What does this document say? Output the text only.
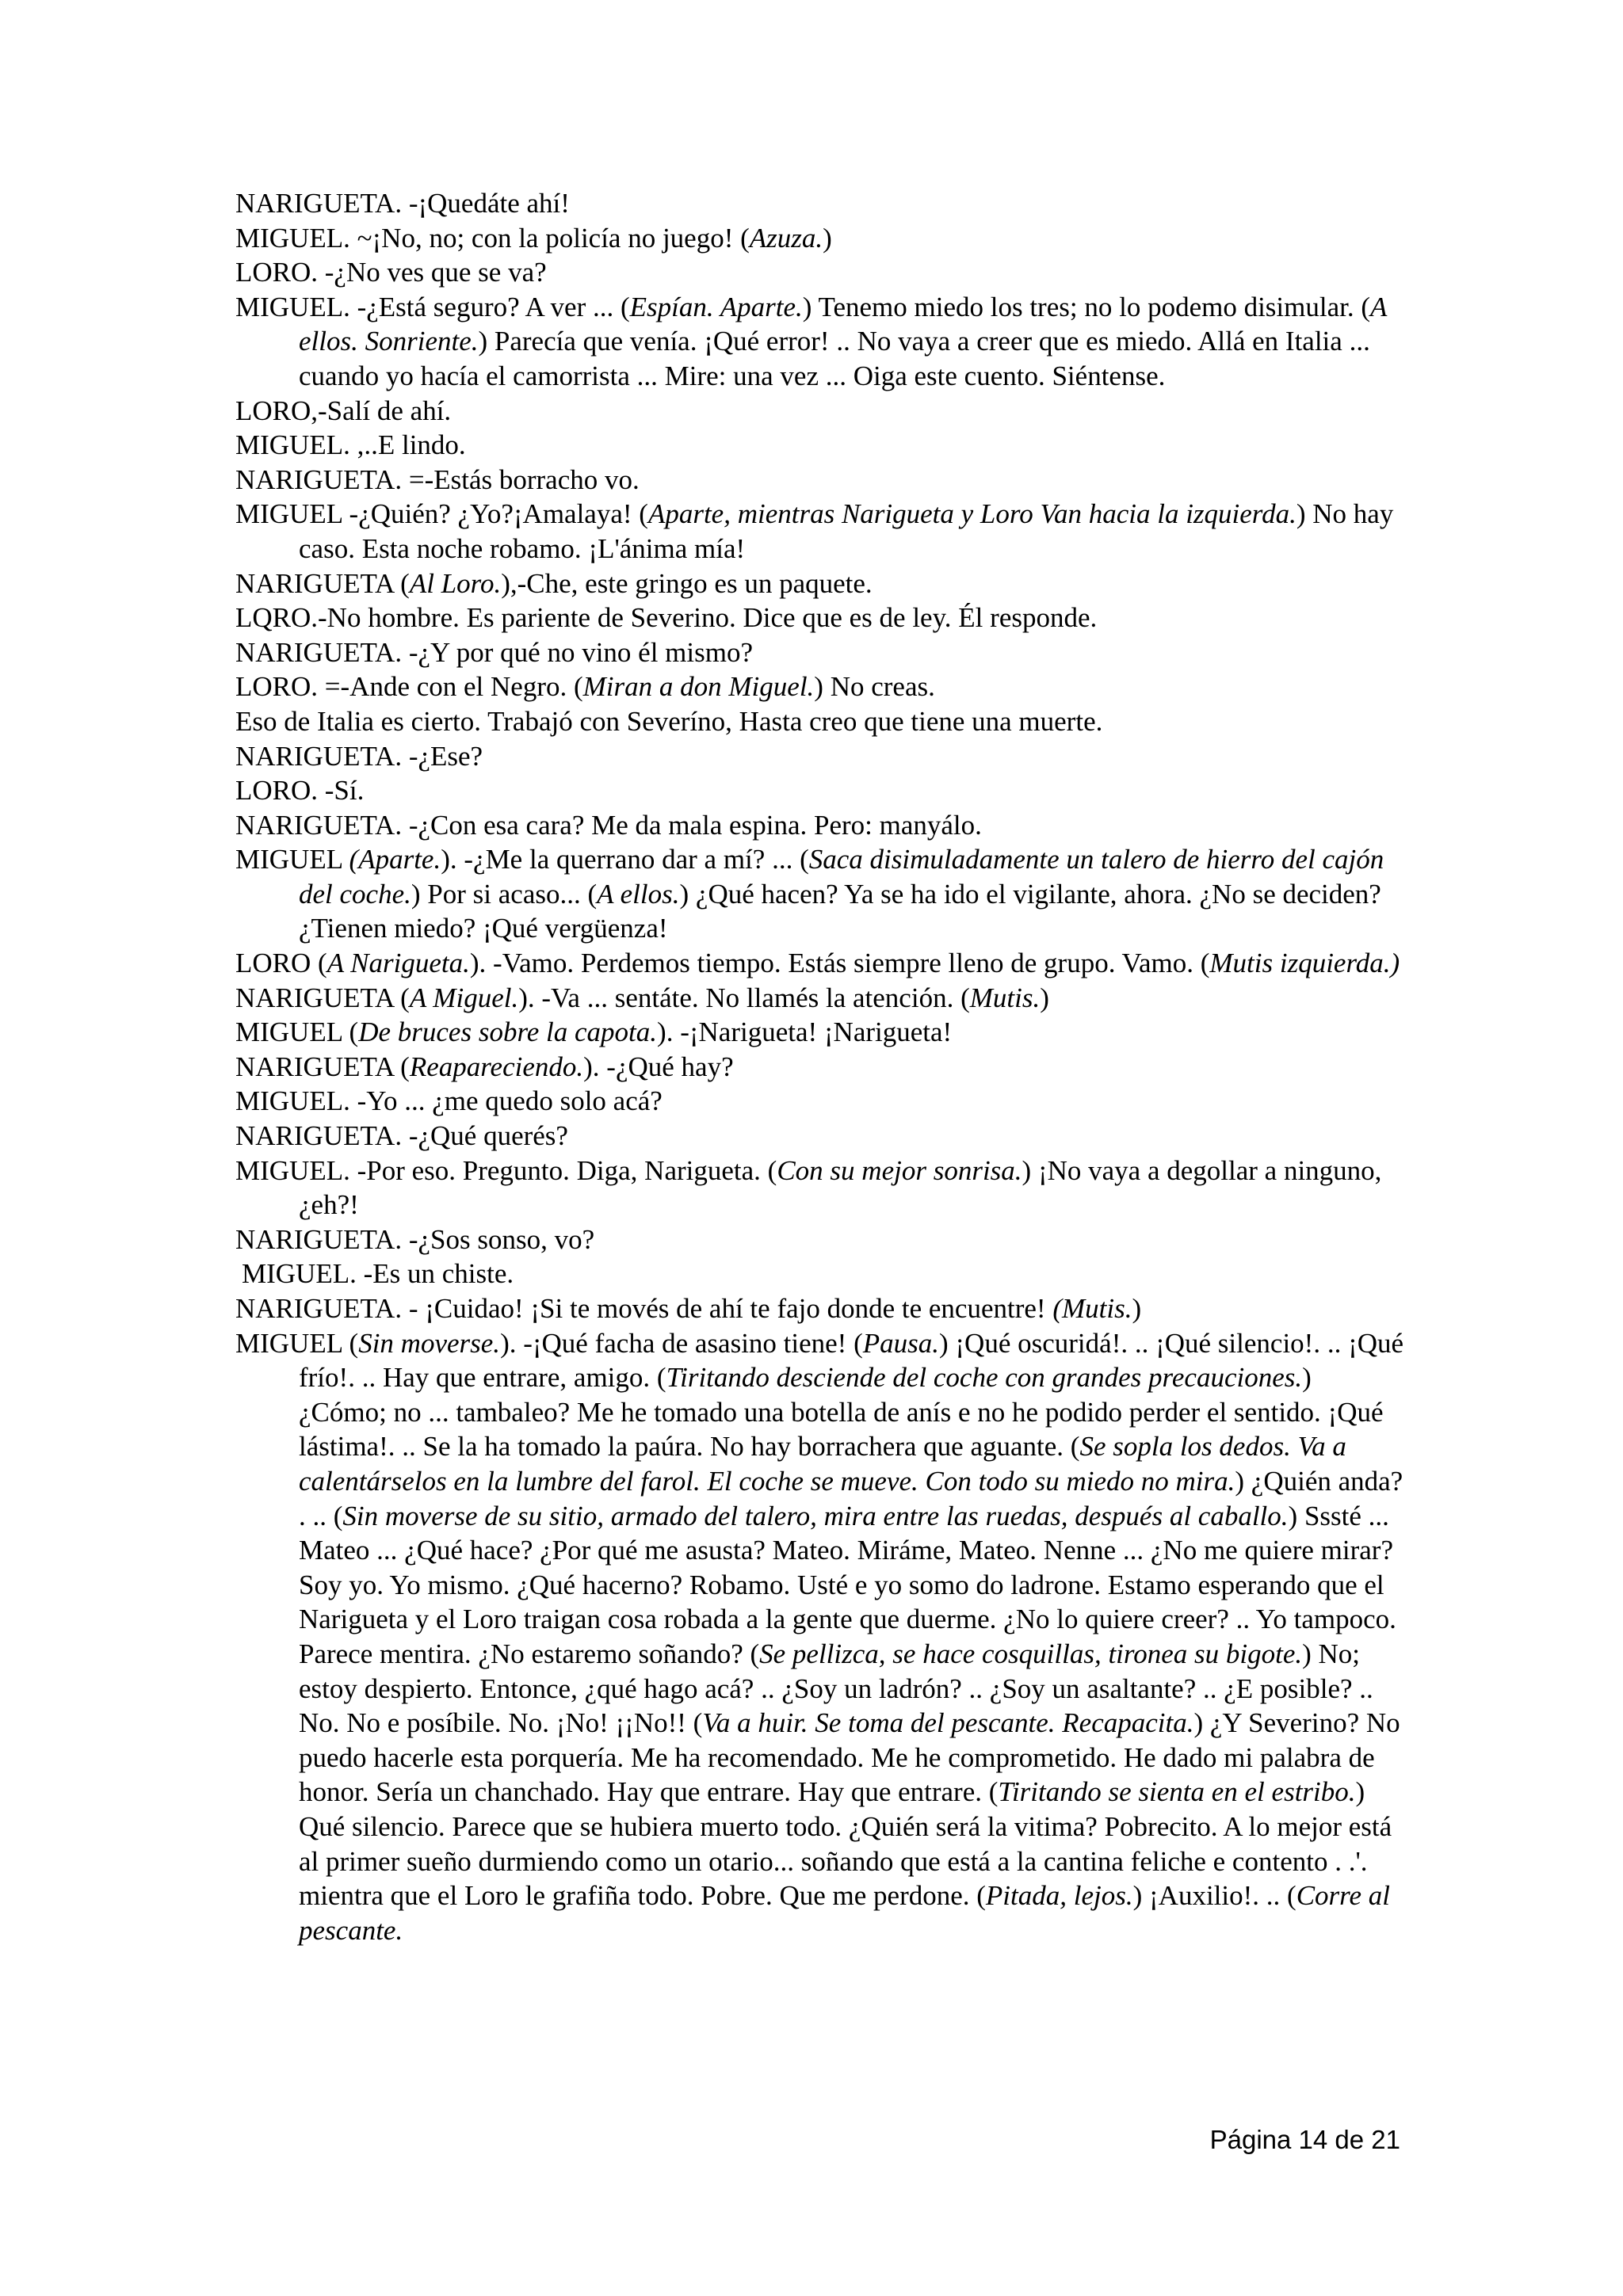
NARIGUETA. -¡Quedáte ahí!

MIGUEL. ~¡No, no; con la policía no juego! (Azuza.)

LORO. -¿No ves que se va?

MIGUEL. -¿Está seguro? A ver ... (Espían. Aparte.) Tenemo miedo los tres; no lo podemo disimular. (A ellos. Sonriente.) Parecía que venía. ¡Qué error! .. No vaya a creer que es miedo. Allá en Italia ... cuando yo hacía el camorrista ... Mire: una vez ... Oiga este cuento. Siéntense.

LORO,-Salí de ahí.

MIGUEL. ,..E lindo.

NARIGUETA. =-Estás borracho vo.

MIGUEL -¿Quién? ¿Yo?¡Amalaya! (Aparte, mientras Narigueta y Loro Van hacia la izquierda.) No hay caso. Esta noche robamo. ¡L'ánima mía!

NARIGUETA (Al Loro.),-Che, este gringo es un paquete.

LQRO.-No hombre. Es pariente de Severino. Dice que es de ley. Él responde.

NARIGUETA. -¿Y por qué no vino él mismo?

LORO. =-Ande con el Negro. (Miran a don Miguel.) No creas.

Eso de Italia es cierto. Trabajó con Severíno, Hasta creo que tiene una muerte.

NARIGUETA. -¿Ese?

LORO. -Sí.

NARIGUETA. -¿Con esa cara? Me da mala espina. Pero: manyálo.

MIGUEL (Aparte.). -¿Me la querrano dar a mí? ... (Saca disimuladamente un talero de hierro del cajón del coche.) Por si acaso... (A ellos.) ¿Qué hacen? Ya se ha ido el vigilante, ahora. ¿No se deciden? ¿Tienen miedo? ¡Qué vergüenza!

LORO (A Narigueta.). -Vamo. Perdemos tiempo. Estás siempre lleno de grupo. Vamo. (Mutis izquierda.)

NARIGUETA (A Miguel.). -Va ... sentáte. No llamés la atención. (Mutis.)

MIGUEL (De bruces sobre la capota.). -¡Narigueta! ¡Narigueta!

NARIGUETA (Reapareciendo.). -¿Qué hay?

MIGUEL. -Yo ... ¿me quedo solo acá?

NARIGUETA. -¿Qué querés?

MIGUEL. -Por eso. Pregunto. Diga, Narigueta. (Con su mejor sonrisa.) ¡No vaya a degollar a ninguno, ¿eh?!

NARIGUETA. -¿Sos sonso, vo?

MIGUEL. -Es un chiste.

NARIGUETA. - ¡Cuidao! ¡Si te movés de ahí te fajo donde te encuentre! (Mutis.)

MIGUEL (Sin moverse.). -¡Qué facha de asasino tiene! (Pausa.) ¡Qué oscuridá!. .. ¡Qué silencio!. .. ¡Qué frío!. .. Hay que entrare, amigo. (Tiritando desciende del coche con grandes precauciones.) ¿Cómo; no ... tambaleo? Me he tomado una botella de anís e no he podido perder el sentido. ¡Qué lástima!. .. Se la ha tomado la paúra. No hay borrachera que aguante. (Se sopla los dedos. Va a calentárselos en la lumbre del farol. El coche se mueve. Con todo su miedo no mira.) ¿Quién anda? . .. (Sin moverse de su sitio, armado del talero, mira entre las ruedas, después al caballo.) Sssté ... Mateo ... ¿Qué hace? ¿Por qué me asusta? Mateo. Miráme, Mateo. Nenne ... ¿No me quiere mirar? Soy yo. Yo mismo. ¿Qué hacerno? Robamo. Usté e yo somo do ladrone. Estamo esperando que el Narigueta y el Loro traigan cosa robada a la gente que duerme. ¿No lo quiere creer? .. Yo tampoco. Parece mentira. ¿No estaremo soñando? (Se pellizca, se hace cosquillas, tironea su bigote.) No; estoy despierto. Entonce, ¿qué hago acá? .. ¿Soy un ladrón? .. ¿Soy un asaltante? .. ¿E posible? .. No. No e posíbile. No. ¡No! ¡¡No!! (Va a huir. Se toma del pescante. Recapacita.) ¿Y Severino? No puedo hacerle esta porquería. Me ha recomendado. Me he comprometido. He dado mi palabra de honor. Sería un chanchado. Hay que entrare. Hay que entrare. (Tiritando se sienta en el estribo.) Qué silencio. Parece que se hubiera muerto todo. ¿Quién será la vitima? Pobrecito. A lo mejor está al primer sueño durmiendo como un otario... soñando que está a la cantina feliche e contento . .'. mientra que el Loro le grafiña todo. Pobre. Que me perdone. (Pitada, lejos.) ¡Auxilio!. .. (Corre al pescante.

Página 14 de 21
